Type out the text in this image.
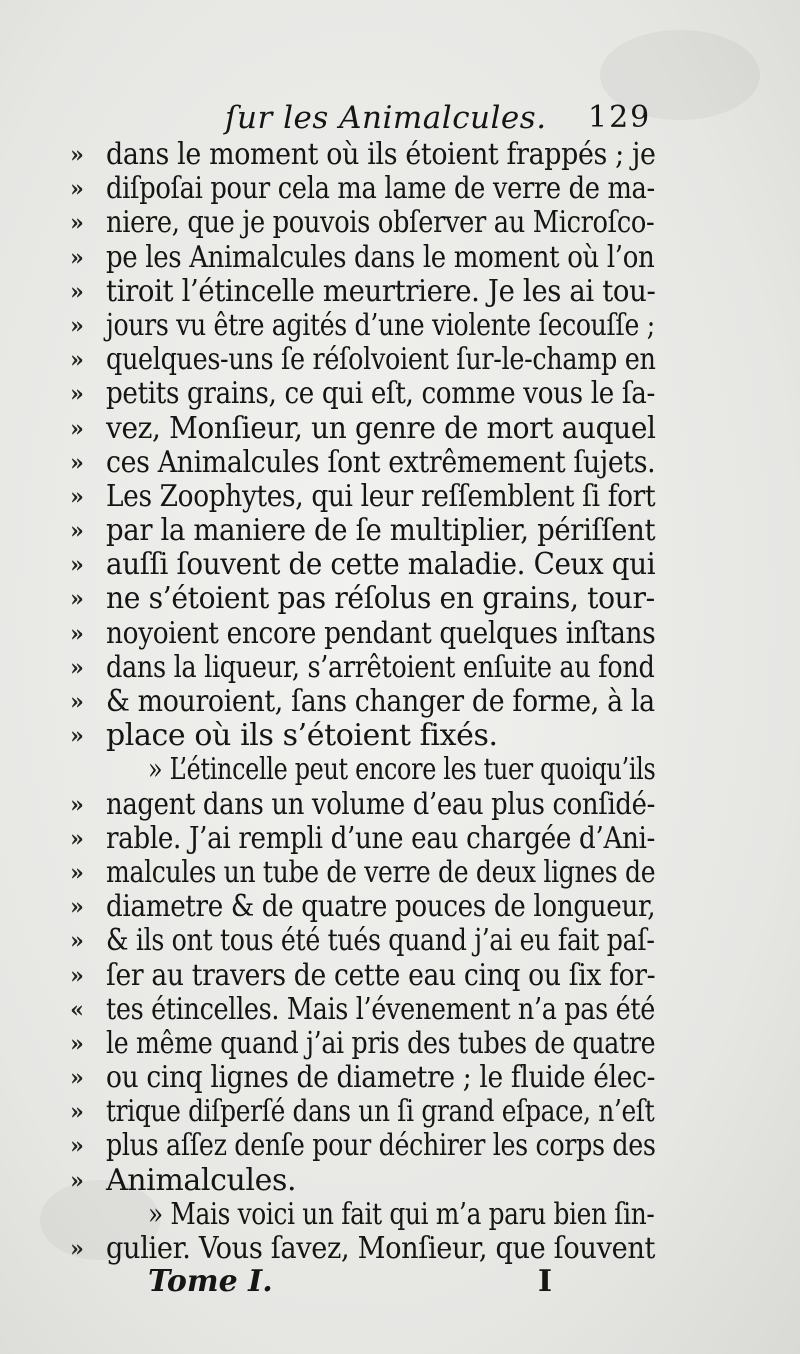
ſur les Animalcules. 129
» dans le moment où ils étoient frappés ; je
» diſpoſai pour cela ma lame de verre de ma-
» niere, que je pouvois obſerver au Microſco-
» pe les Animalcules dans le moment où l’on
» tiroit l’étincelle meurtriere. Je les ai tou-
» jours vu être agités d’une violente ſecouſſe ;
» quelques-uns ſe réſolvoient ſur-le-champ en
» petits grains, ce qui eſt, comme vous le ſa-
» vez, Monſieur, un genre de mort auquel
» ces Animalcules ſont extrêmement ſujets.
» Les Zoophytes, qui leur reſſemblent ſi fort
» par la maniere de ſe multiplier, périſſent
» auſſi ſouvent de cette maladie. Ceux qui
» ne s’étoient pas réſolus en grains, tour-
» noyoient encore pendant quelques inſtans
» dans la liqueur, s’arrêtoient enſuite au fond
» & mouroient, ſans changer de forme, à la
» place où ils s’étoient fixés.
» L’étincelle peut encore les tuer quoiqu’ils
» nagent dans un volume d’eau plus conſidé-
» rable. J’ai rempli d’une eau chargée d’Ani-
» malcules un tube de verre de deux lignes de
» diametre & de quatre pouces de longueur,
» & ils ont tous été tués quand j’ai eu fait paſ-
» ſer au travers de cette eau cinq ou ſix for-
« tes étincelles. Mais l’évenement n’a pas été
» le même quand j’ai pris des tubes de quatre
» ou cinq lignes de diametre ; le fluide élec-
» trique diſperſé dans un ſi grand eſpace, n’eſt
» plus aſſez denſe pour déchirer les corps des
» Animalcules.
» Mais voici un fait qui m’a paru bien ſin-
» gulier. Vous ſavez, Monſieur, que ſouvent
Tome I.	I
